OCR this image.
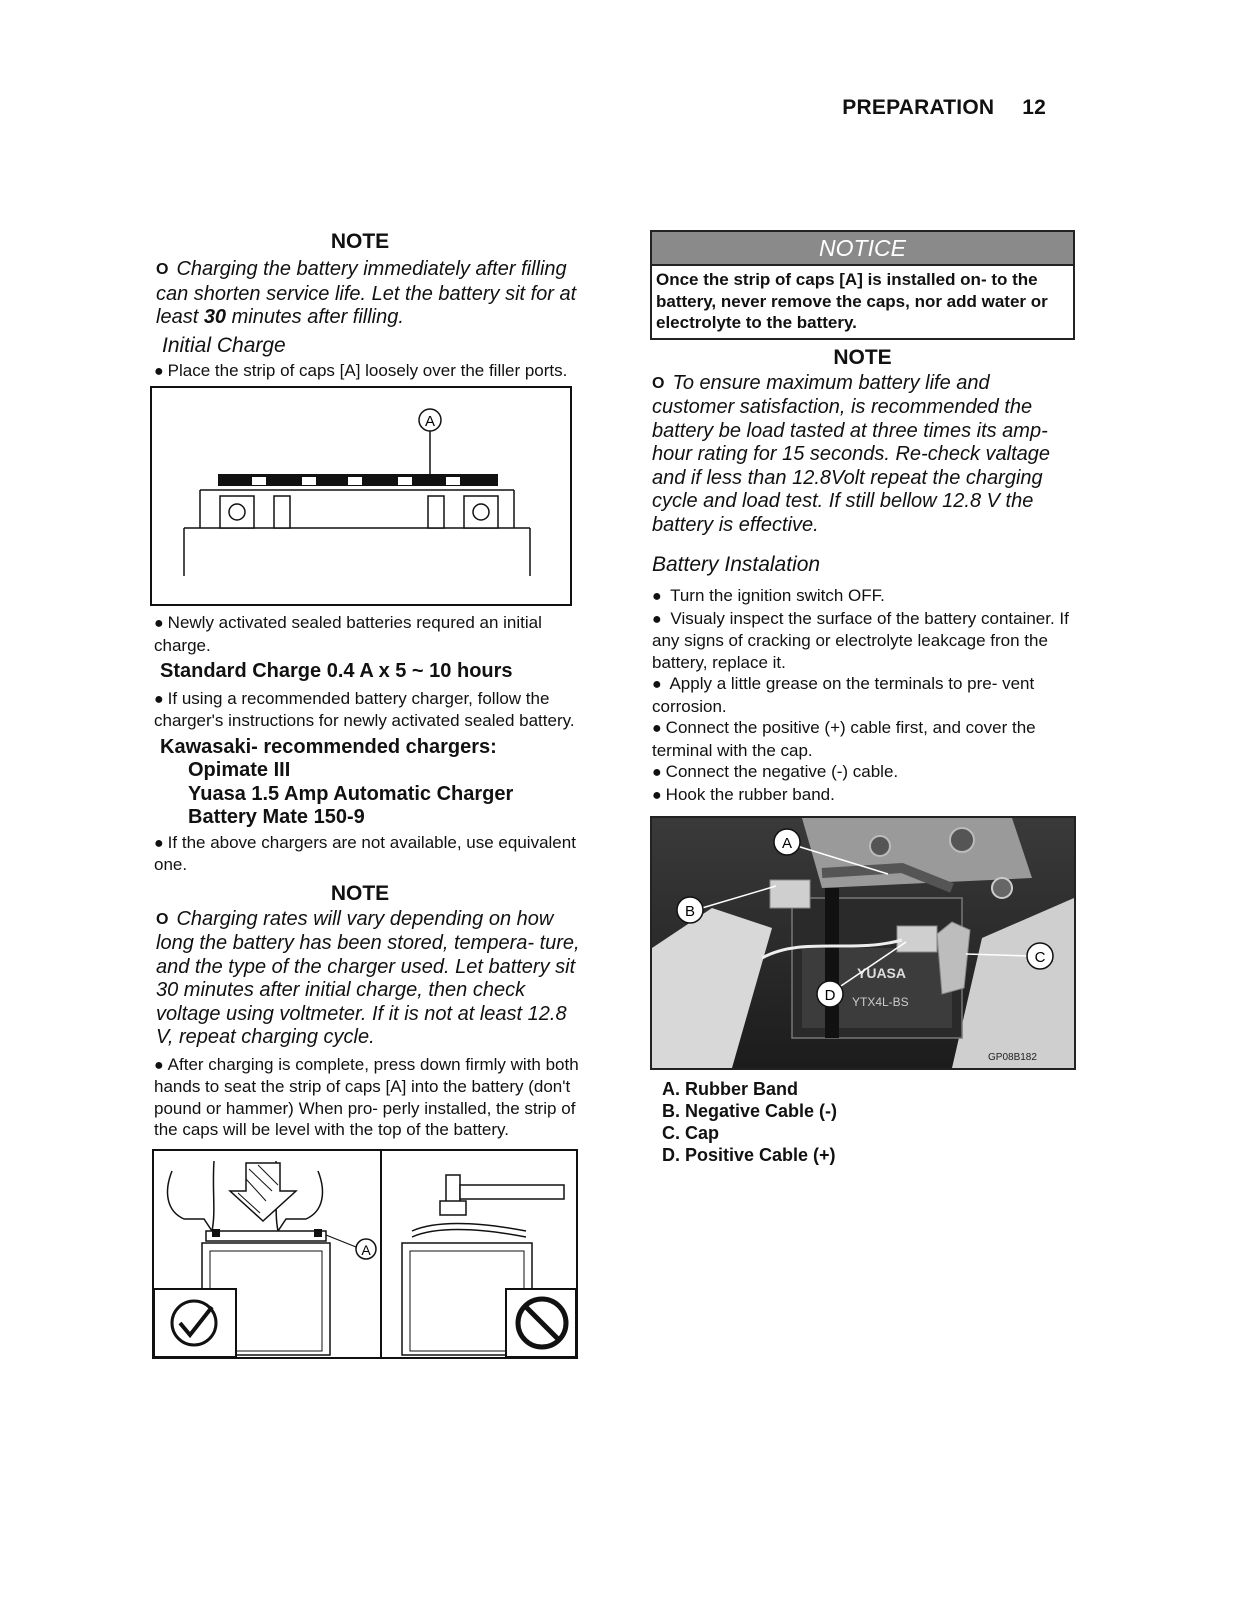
PREPARATION 12
NOTE
O Charging the battery immediately after filling can shorten service life. Let the battery sit for at least 30 minutes after filling.
Initial Charge
● Place the strip of caps [A] loosely over the filler ports.
A
● Newly activated sealed batteries requred an initial charge.
Standard Charge 0.4 A x 5 ~ 10 hours
● If using a recommended battery charger, follow the charger's instructions for newly activated sealed battery.
Kawasaki- recommended chargers:
Opimate III
Yuasa 1.5 Amp Automatic Charger
Battery Mate 150-9
● If the above chargers are not available, use equivalent one.
NOTE
O Charging rates will vary depending on how long the battery has been stored, tempera- ture, and the type of the charger used. Let battery sit 30 minutes after initial charge, then check voltage using voltmeter. If it is not at least 12.8 V, repeat charging cycle.
● After charging is complete, press down firmly with both hands to seat the strip of caps [A] into the battery (don't pound or hammer) When pro- perly installed, the strip of the caps will be level with the top of the battery.
A
NOTICE
Once the strip of caps [A] is installed on- to the battery, never remove the caps, nor add water or electrolyte to the battery.
NOTE
O To ensure maximum battery life and customer satisfaction, is recommended the battery be load tasted at three times its amp- hour rating for 15 seconds. Re-check valtage and if less than 12.8Volt repeat the charging cycle and load test. If still bellow 12.8 V the battery is effective.
Battery Instalation
● Turn the ignition switch OFF.
● Visualy inspect the surface of the battery container. If any signs of cracking or electrolyte leakcage fron the battery, replace it.
● Apply a little grease on the terminals to pre- vent corrosion.
● Connect the positive (+) cable first, and cover the terminal with the cap.
● Connect the negative (-) cable.
● Hook the rubber band.
YUASA
YTX4L-BS
A
B
C
D
GP08B182
A. Rubber Band
B. Negative Cable (-)
C. Cap
D. Positive Cable (+)
